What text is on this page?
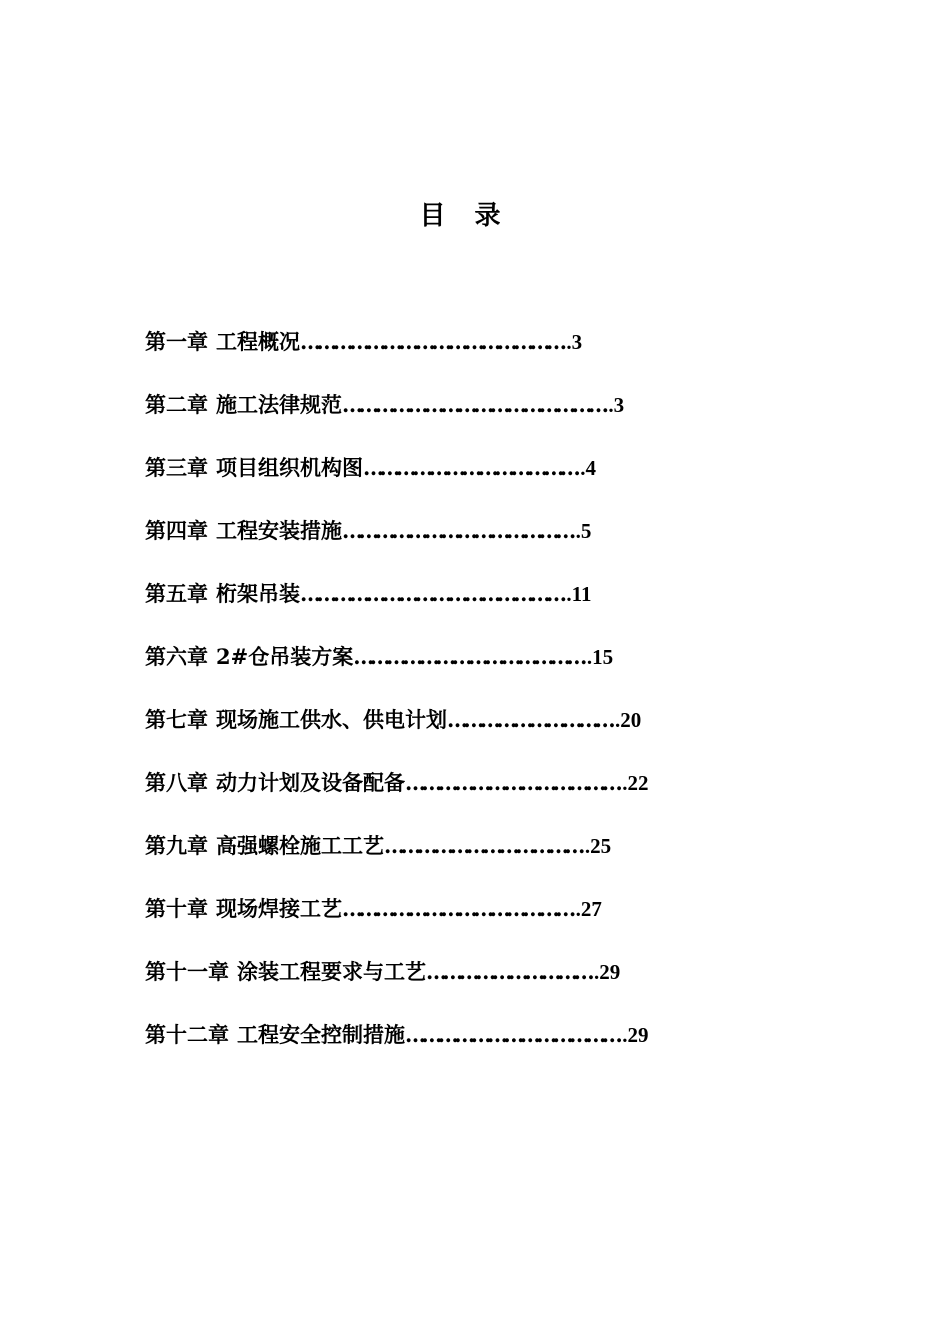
目 录
第一章 工程概况………………………………………… .3
第二章 施工法律规范………………………………………… .3
第三章 项目组织机构图………………………………… .4
第四章 工程安装措施…………………………………… .5
第五章 桁架吊装………………………………………… .11
第六章 2#仓吊装方案…………………………………… .15
第七章 现场施工供水、供电计划………………………… .20
第八章 动力计划及设备配备………………………………… .22
第九章 高强螺栓施工工艺……………………………… .25
第十章 现场焊接工艺…………………………………… .27
第十一章 涂装工程要求与工艺………………………… .29
第十二章 工程安全控制措施………………………………… .29
